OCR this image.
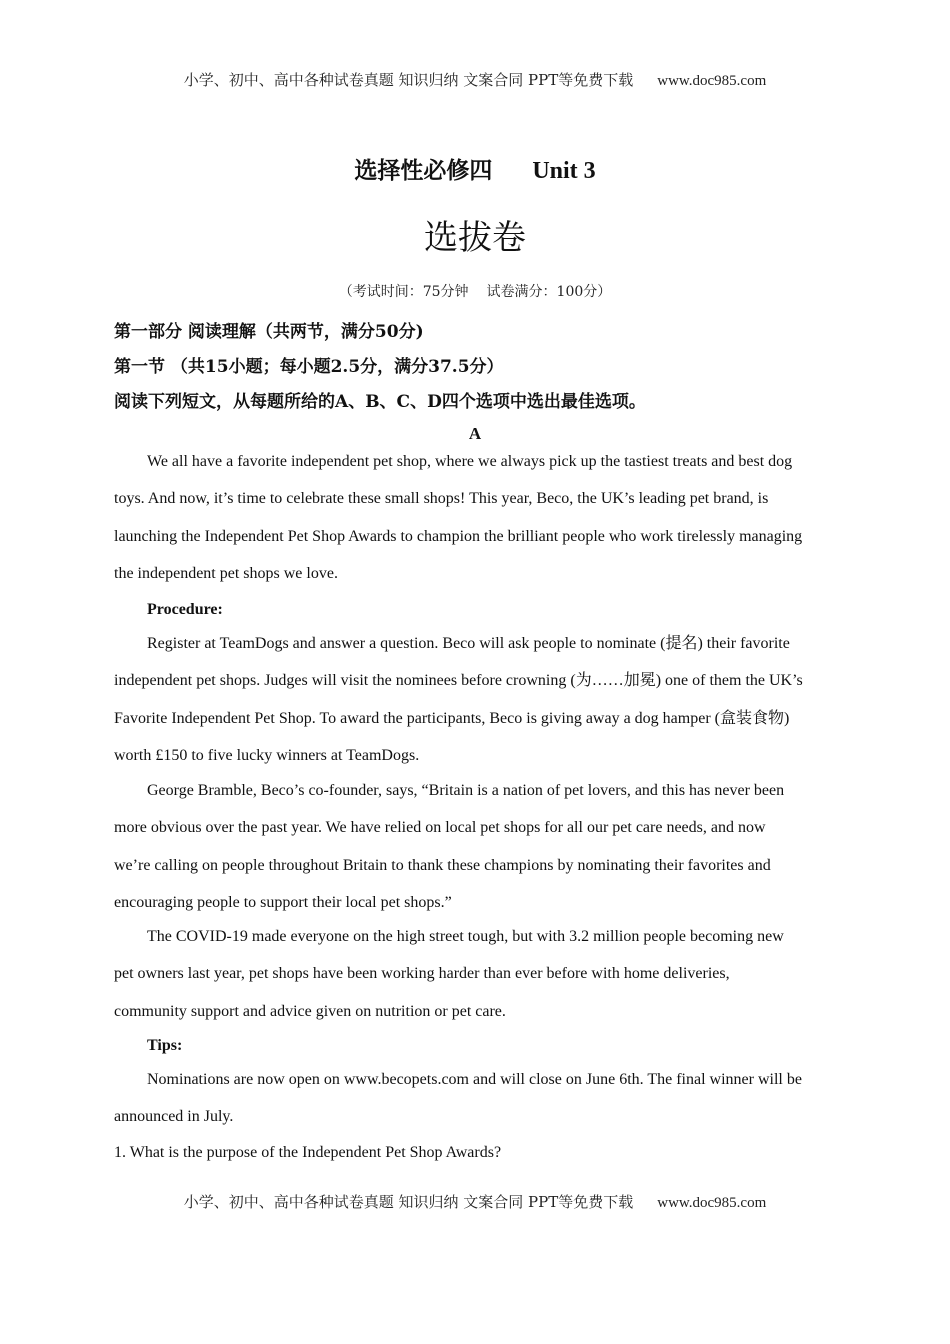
小学、初中、高中各种试卷真题 知识归纳 文案合同 PPT等免费下载 www.doc985.com
选择性必修四 Unit 3
选拔卷
（考试时间：75分钟 试卷满分：100分）
第一部分 阅读理解（共两节，满分50分)
第一节 （共15小题；每小题2.5分，满分37.5分）
阅读下列短文，从每题所给的A、B、C、D四个选项中选出最佳选项。
A
We all have a favorite independent pet shop, where we always pick up the tastiest treats and best dog
toys. And now, it’s time to celebrate these small shops! This year, Beco, the UK’s leading pet brand, is
launching the Independent Pet Shop Awards to champion the brilliant people who work tirelessly managing
the independent pet shops we love.
Procedure:
Register at TeamDogs and answer a question. Beco will ask people to nominate (提名) their favorite
independent pet shops. Judges will visit the nominees before crowning (为……加冕) one of them the UK’s
Favorite Independent Pet Shop. To award the participants, Beco is giving away a dog hamper (盒装食物)
worth £150 to five lucky winners at TeamDogs.
George Bramble, Beco’s co-founder, says, “Britain is a nation of pet lovers, and this has never been
more obvious over the past year. We have relied on local pet shops for all our pet care needs, and now
we’re calling on people throughout Britain to thank these champions by nominating their favorites and
encouraging people to support their local pet shops.”
The COVID-19 made everyone on the high street tough, but with 3.2 million people becoming new
pet owners last year, pet shops have been working harder than ever before with home deliveries,
community support and advice given on nutrition or pet care.
Tips:
Nominations are now open on www.becopets.com and will close on June 6th. The final winner will be
announced in July.
1. What is the purpose of the Independent Pet Shop Awards?
小学、初中、高中各种试卷真题 知识归纳 文案合同 PPT等免费下载 www.doc985.com
